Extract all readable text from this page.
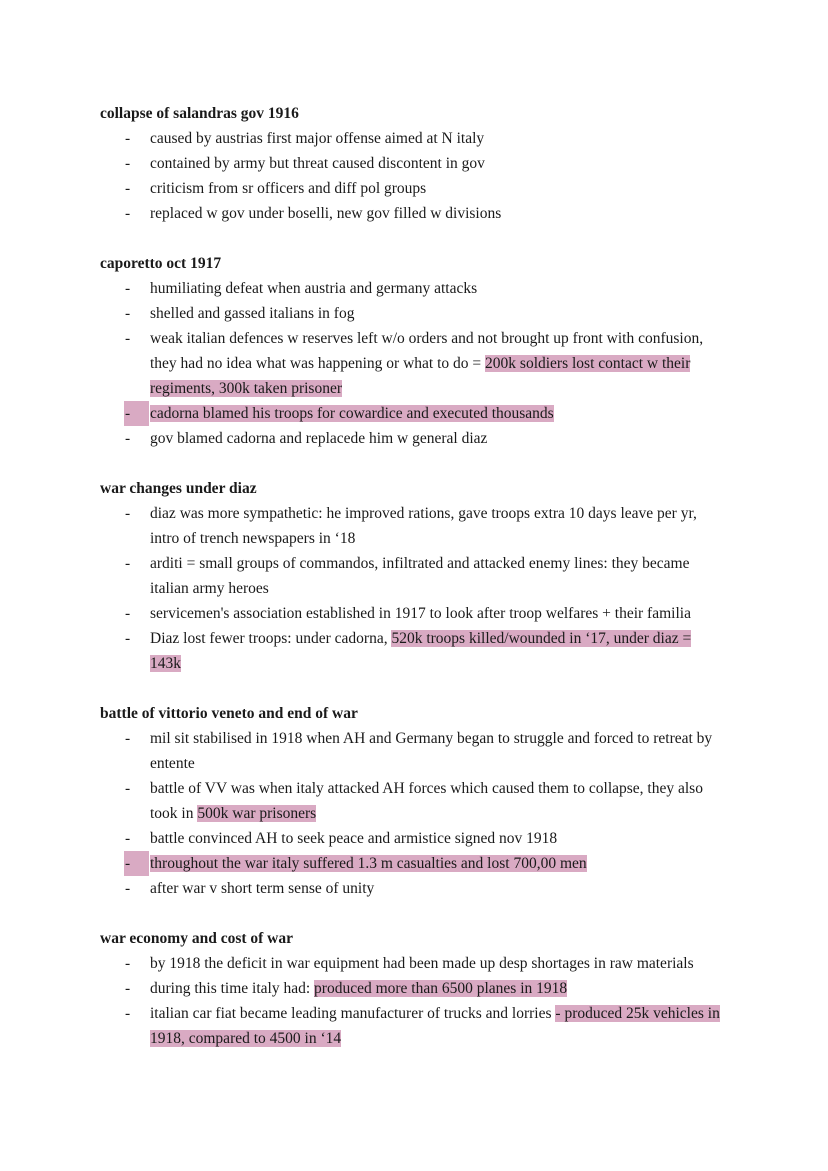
collapse of salandras gov 1916
-	caused by austrias first major offense aimed at N italy
-	contained by army but threat caused discontent in gov
-	criticism from sr officers and diff pol groups
-	replaced w gov under boselli, new gov filled w divisions
caporetto oct 1917
-	humiliating defeat when austria and germany attacks
-	shelled and gassed italians in fog
-	weak italian defences w reserves left w/o orders and not brought up front with confusion, they had no idea what was happening or what to do = 200k soldiers lost contact w their regiments, 300k taken prisoner
-	cadorna blamed his troops for cowardice and executed thousands
-	gov blamed cadorna and replacede him w general diaz
war changes under diaz
-	diaz was more sympathetic: he improved rations, gave troops extra 10 days leave per yr, intro of trench newspapers in ‘18
-	arditi = small groups of commandos, infiltrated and attacked enemy lines: they became italian army heroes
-	servicemen's association established in 1917 to look after troop welfares + their familia
-	Diaz lost fewer troops: under cadorna, 520k troops killed/wounded in ‘17, under diaz = 143k
battle of vittorio veneto and end of war
-	mil sit stabilised in 1918 when AH and Germany began to struggle and forced to retreat by entente
-	battle of VV was when italy attacked AH forces which caused them to collapse, they also took in 500k war prisoners
-	battle convinced AH to seek peace and armistice signed nov 1918
-	throughout the war italy suffered 1.3 m casualties and lost 700,00 men
-	after war v short term sense of unity
war economy and cost of war
-	by 1918 the deficit in war equipment had been made up desp shortages in raw materials
-	during this time italy had: produced more than 6500 planes in 1918
-	italian car fiat became leading manufacturer of trucks and lorries - produced 25k vehicles in 1918, compared to 4500 in ‘14
